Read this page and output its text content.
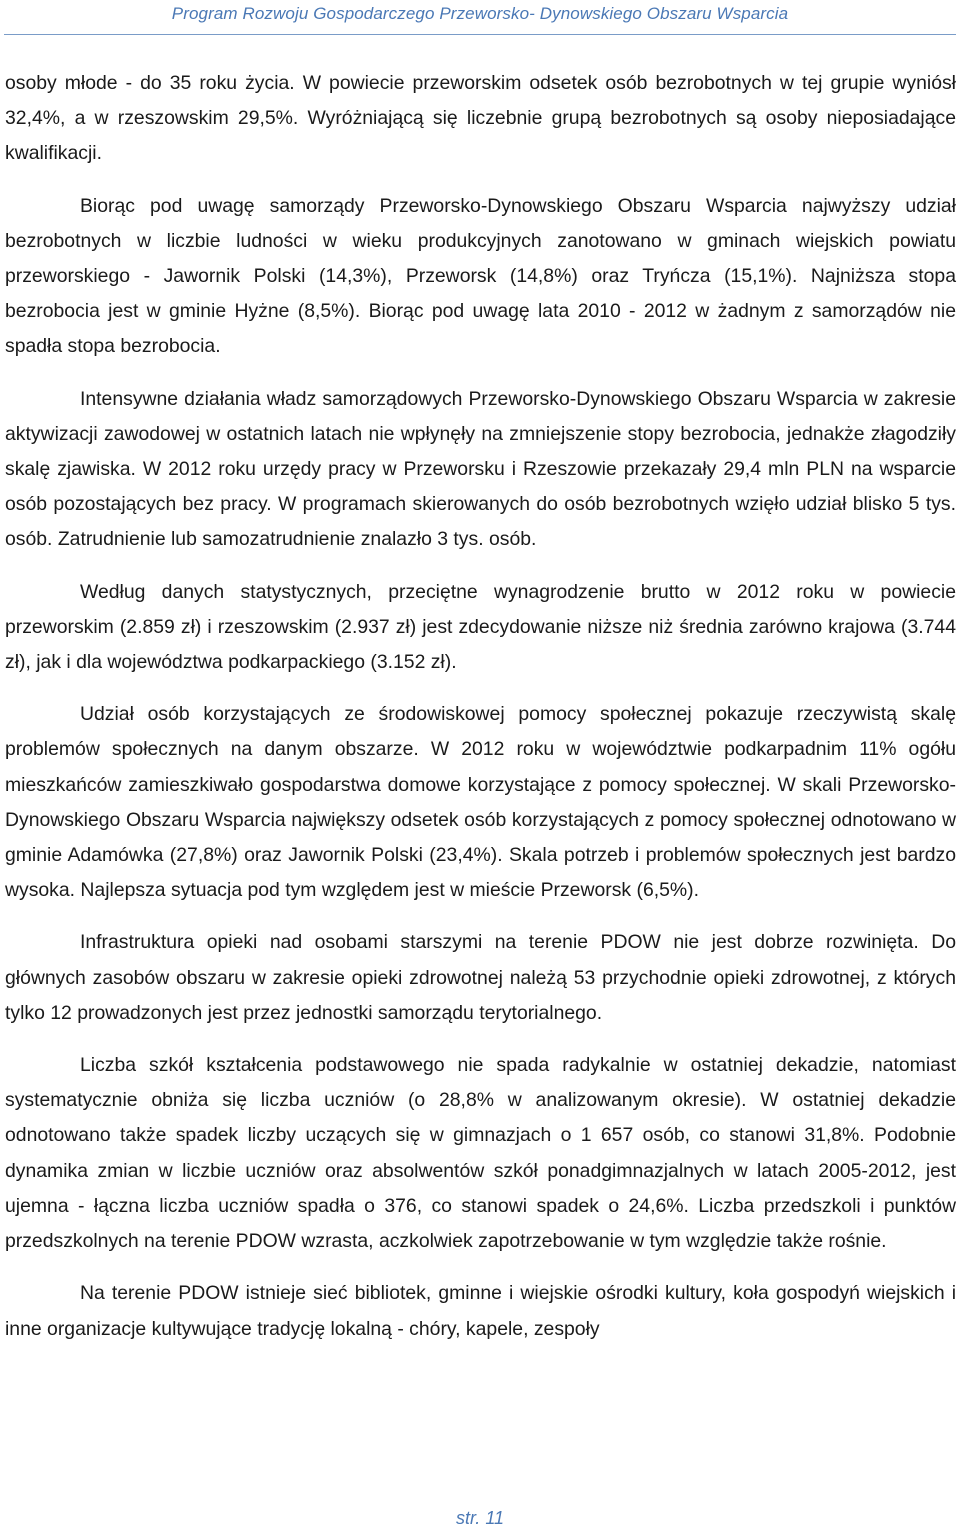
Program Rozwoju Gospodarczego Przeworsko- Dynowskiego Obszaru Wsparcia

osoby młode - do 35 roku życia. W powiecie przeworskim odsetek osób bezrobotnych w tej grupie wyniósł 32,4%, a w rzeszowskim 29,5%. Wyróżniającą się liczebnie grupą bezrobotnych są osoby nieposiadające kwalifikacji.

Biorąc pod uwagę samorządy Przeworsko-Dynowskiego Obszaru Wsparcia najwyższy udział bezrobotnych w liczbie ludności w wieku produkcyjnych zanotowano w gminach wiejskich powiatu przeworskiego - Jawornik Polski (14,3%), Przeworsk (14,8%) oraz Tryńcza (15,1%). Najniższa stopa bezrobocia jest w gminie Hyżne (8,5%). Biorąc pod uwagę lata 2010 - 2012 w żadnym z samorządów nie spadła stopa bezrobocia.

Intensywne działania władz samorządowych Przeworsko-Dynowskiego Obszaru Wsparcia w zakresie aktywizacji zawodowej w ostatnich latach nie wpłynęły na zmniejszenie stopy bezrobocia, jednakże złagodziły skalę zjawiska. W 2012 roku urzędy pracy w Przeworsku i Rzeszowie przekazały 29,4 mln PLN na wsparcie osób pozostających bez pracy. W programach skierowanych do osób bezrobotnych wzięło udział blisko 5 tys. osób. Zatrudnienie lub samozatrudnienie znalazło 3 tys. osób.

Według danych statystycznych, przeciętne wynagrodzenie brutto w 2012 roku w powiecie przeworskim (2.859 zł) i rzeszowskim (2.937 zł) jest zdecydowanie niższe niż średnia zarówno krajowa (3.744 zł), jak i dla województwa podkarpackiego (3.152 zł).

Udział osób korzystających ze środowiskowej pomocy społecznej pokazuje rzeczywistą skalę problemów społecznych na danym obszarze. W 2012 roku w województwie podkarpadnim 11% ogółu mieszkańców zamieszkiwało gospodarstwa domowe korzystające z pomocy społecznej. W skali Przeworsko-Dynowskiego Obszaru Wsparcia największy odsetek osób korzystających z pomocy społecznej odnotowano w gminie Adamówka (27,8%) oraz Jawornik Polski (23,4%). Skala potrzeb i problemów społecznych jest bardzo wysoka. Najlepsza sytuacja pod tym względem jest w mieście Przeworsk (6,5%).

Infrastruktura opieki nad osobami starszymi na terenie PDOW nie jest dobrze rozwinięta. Do głównych zasobów obszaru w zakresie opieki zdrowotnej należą 53 przychodnie opieki zdrowotnej, z których tylko 12 prowadzonych jest przez jednostki samorządu terytorialnego.

Liczba szkół kształcenia podstawowego nie spada radykalnie w ostatniej dekadzie, natomiast systematycznie obniża się liczba uczniów (o 28,8% w analizowanym okresie). W ostatniej dekadzie odnotowano także spadek liczby uczących się w gimnazjach o 1 657 osób, co stanowi 31,8%. Podobnie dynamika zmian w liczbie uczniów oraz absolwentów szkół ponadgimnazjalnych w latach 2005-2012, jest ujemna - łączna liczba uczniów spadła o 376, co stanowi spadek o 24,6%. Liczba przedszkoli i punktów przedszkolnych na terenie PDOW wzrasta, aczkolwiek zapotrzebowanie w tym względzie także rośnie.

Na terenie PDOW istnieje sieć bibliotek, gminne i wiejskie ośrodki kultury, koła gospodyń wiejskich i inne organizacje kultywujące tradycję lokalną - chóry, kapele, zespoły

str. 11
